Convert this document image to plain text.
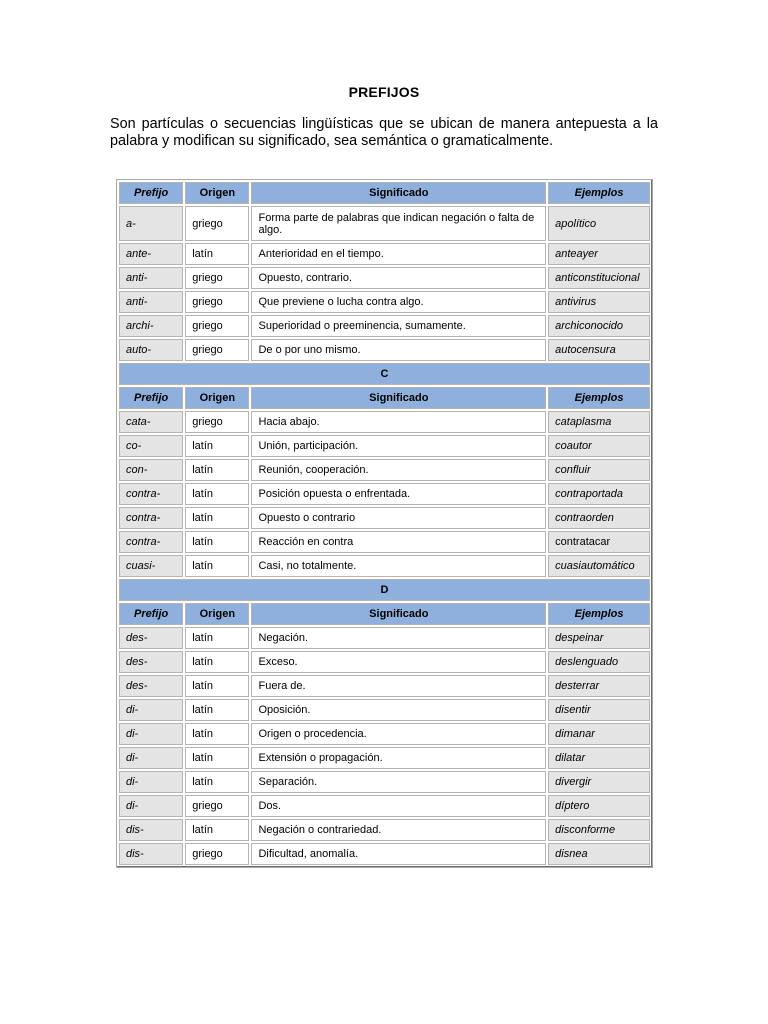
PREFIJOS
Son partículas o secuencias lingüísticas que se ubican de manera antepuesta a la palabra y modifican su significado, sea semántica o gramaticalmente.
Prefijo	Origen	Significado	Ejemplos
a-	griego	Forma parte de palabras que indican negación o falta de algo.	apolítico
ante-	latín	Anterioridad en el tiempo.	anteayer
anti-	griego	Opuesto, contrario.	anticonstitucional
anti-	griego	Que previene o lucha contra algo.	antivirus
archi-	griego	Superioridad o preeminencia, sumamente.	archiconocido
auto-	griego	De o por uno mismo.	autocensura
C			
Prefijo	Origen	Significado	Ejemplos
cata-	griego	Hacia abajo.	cataplasma
co-	latín	Unión, participación.	coautor
con-	latín	Reunión, cooperación.	confluir
contra-	latín	Posición opuesta o enfrentada.	contraportada
contra-	latín	Opuesto o contrario	contraorden
contra-	latín	Reacción en contra	contratacar
cuasi-	latín	Casi, no totalmente.	cuasiautomático
D			
Prefijo	Origen	Significado	Ejemplos
des-	latín	Negación.	despeinar
des-	latín	Exceso.	deslenguado
des-	latín	Fuera de.	desterrar
di-	latín	Oposición.	disentir
di-	latín	Origen o procedencia.	dimanar
di-	latín	Extensión o propagación.	dilatar
di-	latín	Separación.	divergir
di-	griego	Dos.	díptero
dis-	latín	Negación o contrariedad.	disconforme
dis-	griego	Dificultad, anomalía.	disnea
